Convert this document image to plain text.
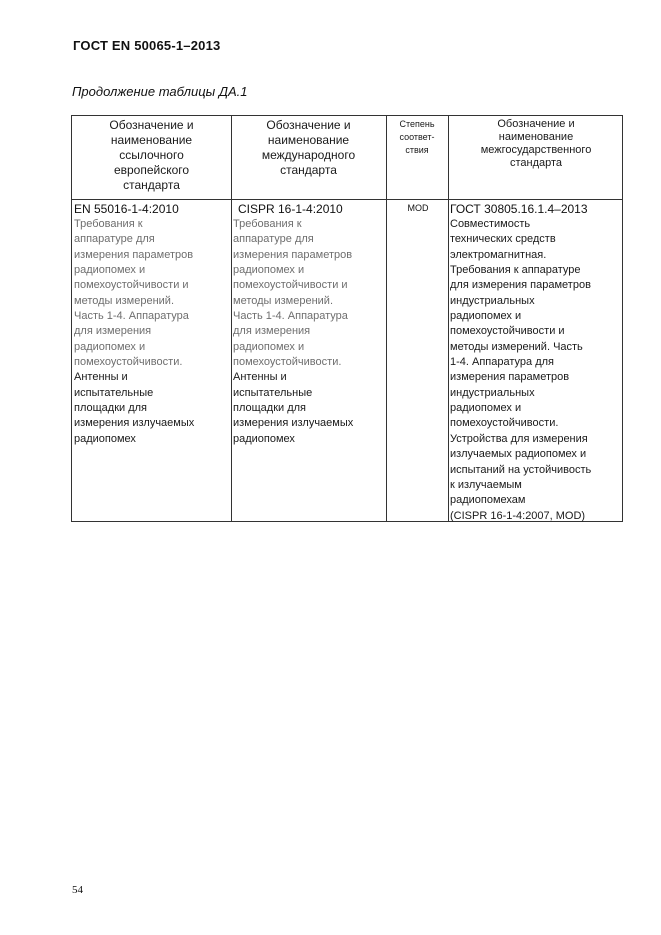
ГОСТ EN 50065-1–2013

Продолжение таблицы ДА.1

Обозначение и
наименование
ссылочного
европейского
стандарта
Обозначение и
наименование
международного
стандарта
Степень
соответ-
ствия
Обозначение и
наименование
межгосударственного
стандарта
EN 55016-1-4:2010
Требования к
аппаратуре для
измерения параметров
радиопомех и
помехоустойчивости и
методы измерений.
Часть 1-4. Аппаратура
для измерения
радиопомех и
помехоустойчивости.
Антенны и
испытательные
площадки для
измерения излучаемых
радиопомех
CISPR 16-1-4:2010
Требования к
аппаратуре для
измерения параметров
радиопомех и
помехоустойчивости и
методы измерений.
Часть 1-4. Аппаратура
для измерения
радиопомех и
помехоустойчивости.
Антенны и
испытательные
площадки для
измерения излучаемых
радиопомех
MOD	ГОСТ 30805.16.1.4–2013
Совместимость
технических средств
электромагнитная.
Требования к аппаратуре
для измерения параметров
индустриальных
радиопомех и
помехоустойчивости и
методы измерений. Часть
1-4. Аппаратура для
измерения параметров
индустриальных
радиопомех и
помехоустойчивости.
Устройства для измерения
излучаемых радиопомех и
испытаний на устойчивость
к излучаемым
радиопомехам
(CISPR 16-1-4:2007, MOD)

54
